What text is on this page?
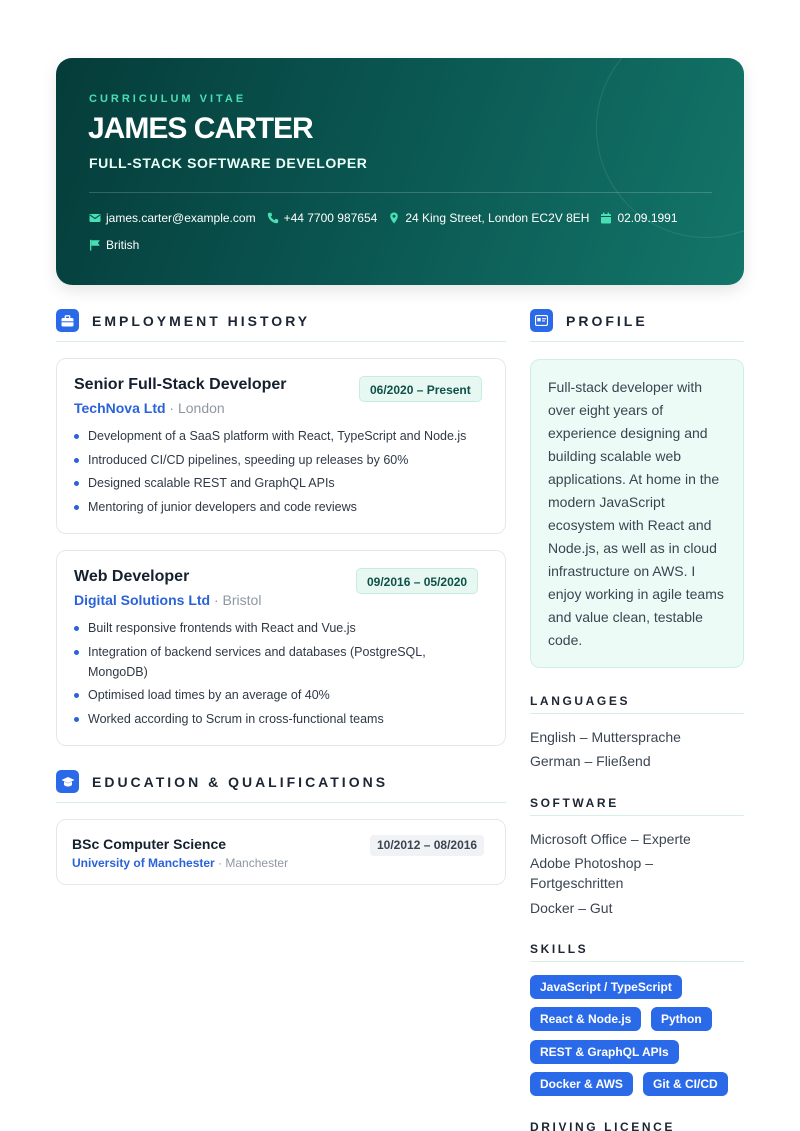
CURRICULUM VITAE
JAMES CARTER
FULL-STACK SOFTWARE DEVELOPER
james.carter@example.com +44 7700 987654 24 King Street, London EC2V 8EH 02.09.1991
British
EMPLOYMENT HISTORY
Senior Full-Stack Developer	06/2020 – Present
TechNova Ltd · London
Development of a SaaS platform with React, TypeScript and Node.js
Introduced CI/CD pipelines, speeding up releases by 60%
Designed scalable REST and GraphQL APIs
Mentoring of junior developers and code reviews
Web Developer	09/2016 – 05/2020
Digital Solutions Ltd · Bristol
Built responsive frontends with React and Vue.js
Integration of backend services and databases (PostgreSQL, MongoDB)
Optimised load times by an average of 40%
Worked according to Scrum in cross-functional teams
EDUCATION & QUALIFICATIONS
BSc Computer Science
University of Manchester · Manchester
10/2012 – 08/2016
PROFILE
Full-stack developer with over eight years of experience designing and building scalable web applications. At home in the modern JavaScript ecosystem with React and Node.js, as well as in cloud infrastructure on AWS. I enjoy working in agile teams and value clean, testable code.
LANGUAGES
English – Muttersprache
German – Fließend
SOFTWARE
Microsoft Office – Experte
Adobe Photoshop – Fortgeschritten
Docker – Gut
SKILLS
JavaScript / TypeScript
React & Node.js	Python
REST & GraphQL APIs
Docker & AWS	Git & CI/CD
DRIVING LICENCE
